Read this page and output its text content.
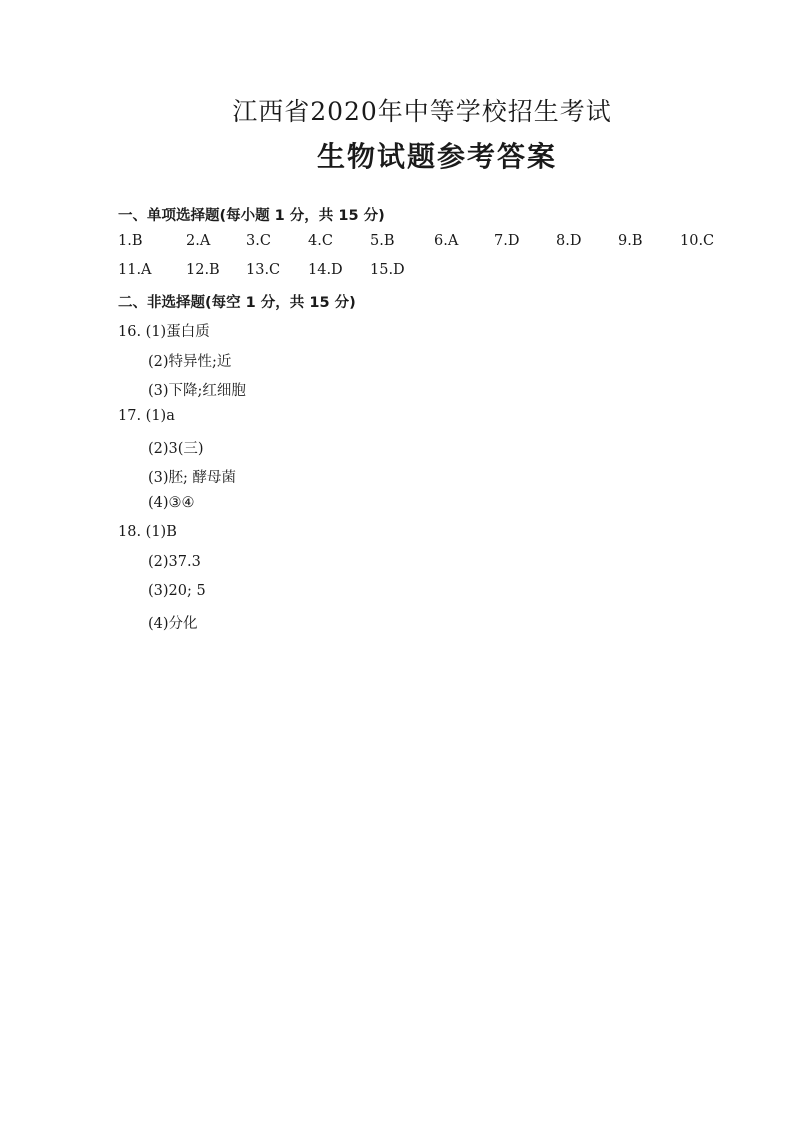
江西省2020年中等学校招生考试
生物试题参考答案
一、单项选择题(每小题 1 分，共 15 分)
1.B	2.A 3.C	4.C	5.B	6.A 7.D	8.D	9.B	10.C
11.A 12.B 13.C 14.D 15.D
二、非选择题(每空 1 分，共 15 分)
16. (1)蛋白质
(2)特异性;近
(3)下降;红细胞
17. (1)a
(2)3(三)
(3)胚; 酵母菌
(4)③④
18. (1)B
(2)37.3
(3)20; 5
(4)分化
